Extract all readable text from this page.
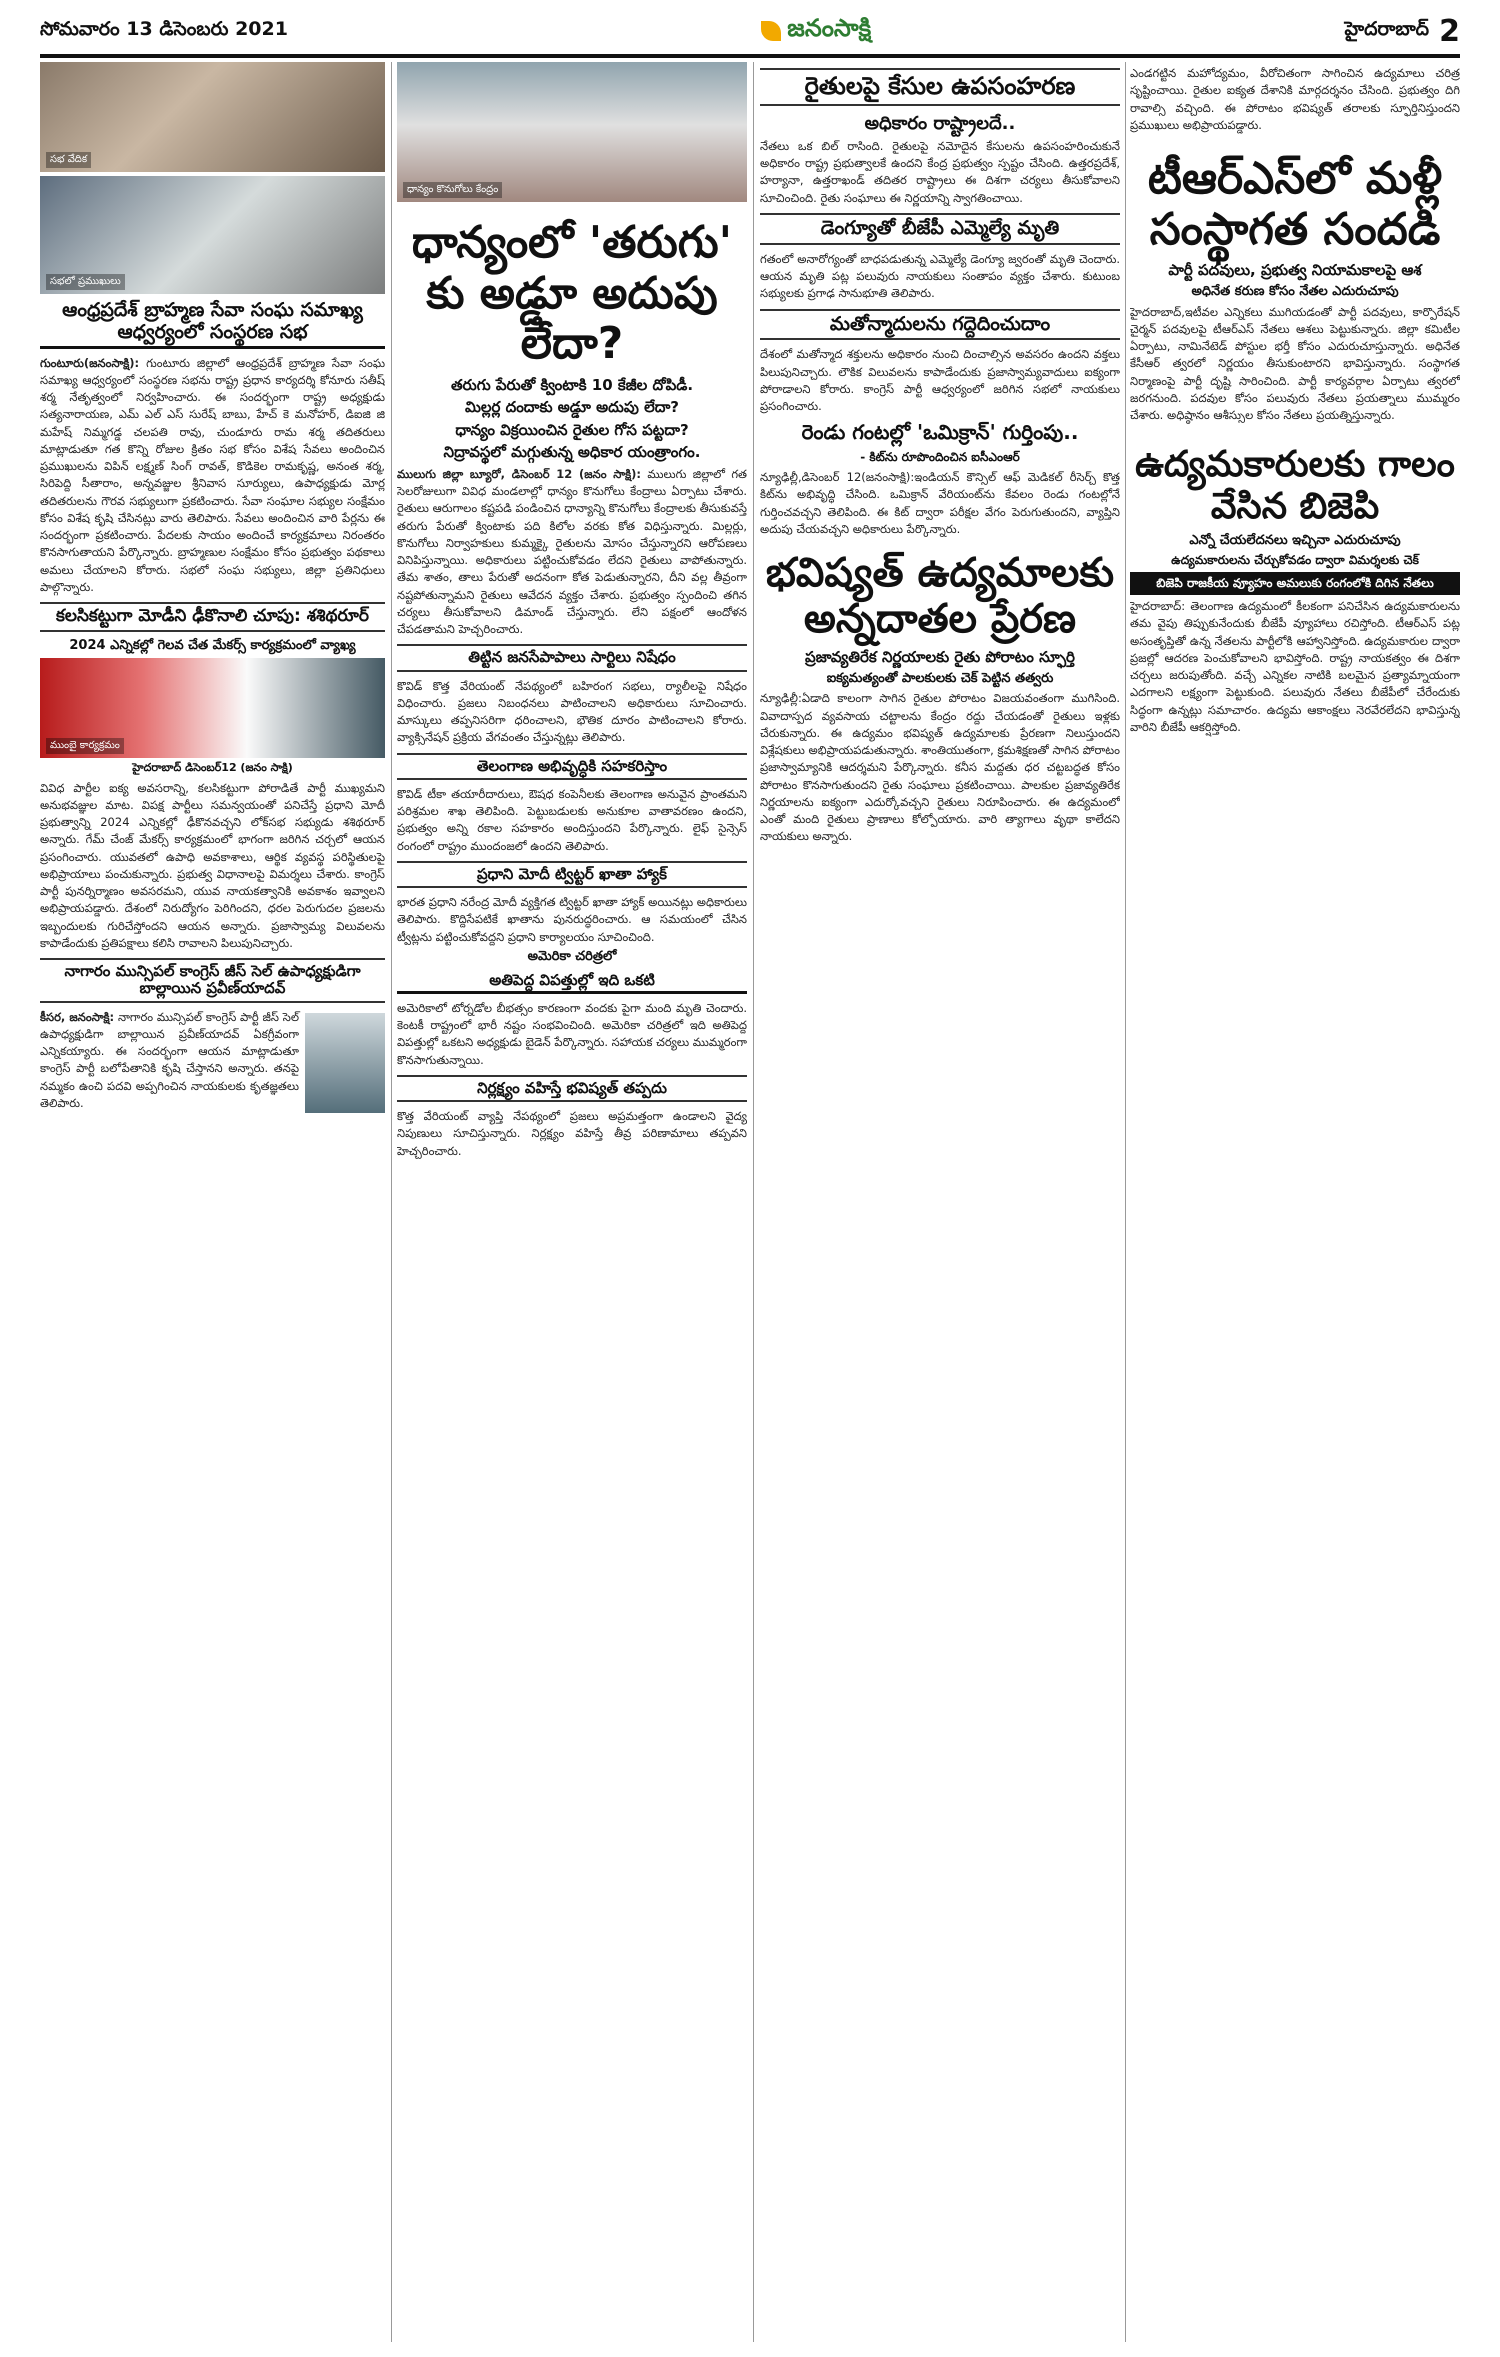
సోమవారం 13 డిసెంబరు 2021	జనంసాక్షి	హైదరాబాద్ 2
సభ వేదిక
సభలో ప్రముఖులు
ఆంధ్రప్రదేశ్ బ్రాహ్మణ సేవా సంఘ సమాఖ్య ఆధ్వర్యంలో సంస్థరణ సభ

గుంటూరు(జనంసాక్షి): గుంటూరు జిల్లాలో ఆంధ్రప్రదేశ్ బ్రాహ్మణ సేవా సంఘ సమాఖ్య ఆధ్వర్యంలో సంస్థరణ సభను రాష్ట్ర ప్రధాన కార్యదర్శి కోనూరు సతీష్ శర్మ నేతృత్వంలో నిర్వహించారు. ఈ సందర్భంగా రాష్ట్ర అధ్యక్షుడు సత్యనారాయణ, ఎమ్ ఎల్ ఎస్ సురేష్ బాబు, హేచ్ కె మనోహర్, డిఐజి జి మహేష్ నిమ్మగడ్డ చలపతి రావు, చుండూరు రామ శర్మ తదితరులు మాట్లాడుతూ గత కొన్ని రోజుల క్రితం సభ కోసం విశేష సేవలు అందించిన ప్రముఖులను విపిన్ లక్ష్మణ్ సింగ్ రావత్, కొడికెల రామకృష్ణ, అనంత శర్మ, సిరిపెద్ది సీతారాం, అన్నవజ్జుల శ్రీనివాస సూర్యులు, ఉపాధ్యక్షుడు మోర్ల తదితరులను గౌరవ సభ్యులుగా ప్రకటించారు. సేవా సంఘాల సభ్యుల సంక్షేమం కోసం విశేష కృషి చేసినట్లు వారు తెలిపారు. సేవలు అందించిన వారి పేర్లను ఈ సందర్భంగా ప్రకటించారు. పేదలకు సాయం అందించే కార్యక్రమాలు నిరంతరం కొనసాగుతాయని పేర్కొన్నారు. బ్రాహ్మణుల సంక్షేమం కోసం ప్రభుత్వం పథకాలు అమలు చేయాలని కోరారు. సభలో సంఘ సభ్యులు, జిల్లా ప్రతినిధులు పాల్గొన్నారు.

కలసికట్టుగా మోడీని ఢీకొనాలి చూపు: శశిథరూర్
2024 ఎన్నికల్లో గెలవ చేత మేకర్స్ కార్యక్రమంలో వ్యాఖ్య
ముంబై కార్యక్రమం
హైదరాబాద్ డిసెంబర్12 (జనం సాక్షి)

వివిధ పార్టీల ఐక్య అవసరాన్ని, కలసికట్టుగా పోరాడితే పార్టీ ముఖ్యమని అనుభవజ్ఞుల మాట. విపక్ష పార్టీలు సమన్వయంతో పనిచేస్తే ప్రధాని మోదీ ప్రభుత్వాన్ని 2024 ఎన్నికల్లో ఢీకొనవచ్చని లోక్‌సభ సభ్యుడు శశిథరూర్ అన్నారు. గేమ్ చేంజ్ మేకర్స్ కార్యక్రమంలో భాగంగా జరిగిన చర్చలో ఆయన ప్రసంగించారు. యువతలో ఉపాధి అవకాశాలు, ఆర్థిక వ్యవస్థ పరిస్థితులపై అభిప్రాయాలు పంచుకున్నారు. ప్రభుత్వ విధానాలపై విమర్శలు చేశారు. కాంగ్రెస్ పార్టీ పునర్నిర్మాణం అవసరమని, యువ నాయకత్వానికి అవకాశం ఇవ్వాలని అభిప్రాయపడ్డారు. దేశంలో నిరుద్యోగం పెరిగిందని, ధరల పెరుగుదల ప్రజలను ఇబ్బందులకు గురిచేస్తోందని ఆయన అన్నారు. ప్రజాస్వామ్య విలువలను కాపాడేందుకు ప్రతిపక్షాలు కలిసి రావాలని పిలుపునిచ్చారు.

నాగారం మున్సిపల్ కాంగ్రెస్ జీస్ సెల్ ఉపాధ్యక్షుడిగా బాల్లాయిన ప్రవీణ్‌యాదవ్

కీసర, జనంసాక్షి: నాగారం మున్సిపల్ కాంగ్రెస్ పార్టీ జీస్ సెల్ ఉపాధ్యక్షుడిగా బాల్లాయిన ప్రవీణ్‌యాదవ్ ఏకగ్రీవంగా ఎన్నికయ్యారు. ఈ సందర్భంగా ఆయన మాట్లాడుతూ కాంగ్రెస్ పార్టీ బలోపేతానికి కృషి చేస్తానని అన్నారు. తనపై నమ్మకం ఉంచి పదవి అప్పగించిన నాయకులకు కృతజ్ఞతలు తెలిపారు.

ధాన్యం కొనుగోలు కేంద్రం
ధాన్యంలో 'తరుగు' కు అడ్డూ అదుపు లేదా?
తరుగు పేరుతో క్వింటాకి 10 కేజీల దోపిడీ.
మిల్లర్ల దందాకు అడ్డూ అదుపు లేదా?
ధాన్యం విక్రయించిన రైతుల గోస పట్టదా?
నిద్రావస్థలో మగ్గుతున్న అధికార యంత్రాంగం.

ములుగు జిల్లా బ్యూరో, డిసెంబర్ 12 (జనం సాక్షి): ములుగు జిల్లాలో గత సెలరోజులుగా వివిధ మండలాల్లో ధాన్యం కొనుగోలు కేంద్రాలు ఏర్పాటు చేశారు. రైతులు ఆరుగాలం కష్టపడి పండించిన ధాన్యాన్ని కొనుగోలు కేంద్రాలకు తీసుకువస్తే తరుగు పేరుతో క్వింటాకు పది కిలోల వరకు కోత విధిస్తున్నారు. మిల్లర్లు, కొనుగోలు నిర్వాహకులు కుమ్మక్కై రైతులను మోసం చేస్తున్నారని ఆరోపణలు వినిపిస్తున్నాయి. అధికారులు పట్టించుకోవడం లేదని రైతులు వాపోతున్నారు. తేమ శాతం, తాలు పేరుతో అదనంగా కోత పెడుతున్నారని, దీని వల్ల తీవ్రంగా నష్టపోతున్నామని రైతులు ఆవేదన వ్యక్తం చేశారు. ప్రభుత్వం స్పందించి తగిన చర్యలు తీసుకోవాలని డిమాండ్ చేస్తున్నారు. లేని పక్షంలో ఆందోళన చేపడతామని హెచ్చరించారు.

తిట్టిన జనసేపాపాలు సార్టిలు నిషేధం

కొవిడ్ కొత్త వేరియంట్ నేపథ్యంలో బహిరంగ సభలు, ర్యాలీలపై నిషేధం విధించారు. ప్రజలు నిబంధనలు పాటించాలని అధికారులు సూచించారు. మాస్కులు తప్పనిసరిగా ధరించాలని, భౌతిక దూరం పాటించాలని కోరారు. వ్యాక్సినేషన్ ప్రక్రియ వేగవంతం చేస్తున్నట్లు తెలిపారు.

తెలంగాణ అభివృద్ధికి సహకరిస్తాం

కొవిడ్ టీకా తయారీదారులు, ఔషధ కంపెనీలకు తెలంగాణ అనువైన ప్రాంతమని పరిశ్రమల శాఖ తెలిపింది. పెట్టుబడులకు అనుకూల వాతావరణం ఉందని, ప్రభుత్వం అన్ని రకాల సహకారం అందిస్తుందని పేర్కొన్నారు. లైఫ్ సైన్సెస్ రంగంలో రాష్ట్రం ముందంజలో ఉందని తెలిపారు.

ప్రధాని మోదీ ట్విట్టర్ ఖాతా హ్యాక్

భారత ప్రధాని నరేంద్ర మోదీ వ్యక్తిగత ట్విట్టర్ ఖాతా హ్యాక్ అయినట్లు అధికారులు తెలిపారు. కొద్దిసేపటికే ఖాతాను పునరుద్ధరించారు. ఆ సమయంలో చేసిన ట్వీట్లను పట్టించుకోవద్దని ప్రధాని కార్యాలయం సూచించింది.

అమెరికా చరిత్రలో
అతిపెద్ద విపత్తుల్లో ఇది ఒకటి

అమెరికాలో టోర్నడోల బీభత్సం కారణంగా వందకు పైగా మంది మృతి చెందారు. కెంటకీ రాష్ట్రంలో భారీ నష్టం సంభవించింది. అమెరికా చరిత్రలో ఇది అతిపెద్ద విపత్తుల్లో ఒకటని అధ్యక్షుడు బైడెన్ పేర్కొన్నారు. సహాయక చర్యలు ముమ్మరంగా కొనసాగుతున్నాయి.

నిర్లక్ష్యం వహిస్తే భవిష్యత్ తప్పదు

కొత్త వేరియంట్ వ్యాప్తి నేపథ్యంలో ప్రజలు అప్రమత్తంగా ఉండాలని వైద్య నిపుణులు సూచిస్తున్నారు. నిర్లక్ష్యం వహిస్తే తీవ్ర పరిణామాలు తప్పవని హెచ్చరించారు.

రైతులపై కేసుల ఉపసంహరణ
అధికారం రాష్ట్రాలదే..

నేతలు ఒక బిల్ రాసింది. రైతులపై నమోదైన కేసులను ఉపసంహరించుకునే అధికారం రాష్ట్ర ప్రభుత్వాలకే ఉందని కేంద్ర ప్రభుత్వం స్పష్టం చేసింది. ఉత్తరప్రదేశ్, హర్యానా, ఉత్తరాఖండ్ తదితర రాష్ట్రాలు ఈ దిశగా చర్యలు తీసుకోవాలని సూచించింది. రైతు సంఘాలు ఈ నిర్ణయాన్ని స్వాగతించాయి.

డెంగ్యూతో బీజేపీ ఎమ్మెల్యే మృతి

గతంలో అనారోగ్యంతో బాధపడుతున్న ఎమ్మెల్యే డెంగ్యూ జ్వరంతో మృతి చెందారు. ఆయన మృతి పట్ల పలువురు నాయకులు సంతాపం వ్యక్తం చేశారు. కుటుంబ సభ్యులకు ప్రగాఢ సానుభూతి తెలిపారు.

మతోన్మాదులను గద్దెదించుదాం

దేశంలో మతోన్మాద శక్తులను అధికారం నుంచి దించాల్సిన అవసరం ఉందని వక్తలు పిలుపునిచ్చారు. లౌకిక విలువలను కాపాడేందుకు ప్రజాస్వామ్యవాదులు ఐక్యంగా పోరాడాలని కోరారు. కాంగ్రెస్ పార్టీ ఆధ్వర్యంలో జరిగిన సభలో నాయకులు ప్రసంగించారు.

రెండు గంటల్లో 'ఒమిక్రాన్' గుర్తింపు..
- కిట్‌ను రూపొందించిన ఐసీఎంఆర్

న్యూఢిల్లీ,డిసెంబర్ 12(జనంసాక్షి):ఇండియన్ కౌన్సిల్ ఆఫ్ మెడికల్ రీసెర్చ్ కొత్త కిట్‌ను అభివృద్ధి చేసింది. ఒమిక్రాన్ వేరియంట్‌ను కేవలం రెండు గంటల్లోనే గుర్తించవచ్చని తెలిపింది. ఈ కిట్ ద్వారా పరీక్షల వేగం పెరుగుతుందని, వ్యాప్తిని అదుపు చేయవచ్చని అధికారులు పేర్కొన్నారు.

భవిష్యత్ ఉద్యమాలకు అన్నదాతల ప్రేరణ
ప్రజావ్యతిరేక నిర్ణయాలకు రైతు పోరాటం స్ఫూర్తి
ఐక్యమత్యంతో పాలకులకు చెక్ పెట్టిన తత్వరు

న్యూఢిల్లీ:ఏడాది కాలంగా సాగిన రైతుల పోరాటం విజయవంతంగా ముగిసింది. వివాదాస్పద వ్యవసాయ చట్టాలను కేంద్రం రద్దు చేయడంతో రైతులు ఇళ్లకు చేరుకున్నారు. ఈ ఉద్యమం భవిష్యత్ ఉద్యమాలకు ప్రేరణగా నిలుస్తుందని విశ్లేషకులు అభిప్రాయపడుతున్నారు. శాంతియుతంగా, క్రమశిక్షణతో సాగిన పోరాటం ప్రజాస్వామ్యానికి ఆదర్శమని పేర్కొన్నారు. కనీస మద్దతు ధర చట్టబద్ధత కోసం పోరాటం కొనసాగుతుందని రైతు సంఘాలు ప్రకటించాయి. పాలకుల ప్రజావ్యతిరేక నిర్ణయాలను ఐక్యంగా ఎదుర్కోవచ్చని రైతులు నిరూపించారు. ఈ ఉద్యమంలో ఎంతో మంది రైతులు ప్రాణాలు కోల్పోయారు. వారి త్యాగాలు వృథా కాలేదని నాయకులు అన్నారు.

ఎండగట్టిన మహోద్యమం, వీరోచితంగా సాగించిన ఉద్యమాలు చరిత్ర సృష్టించాయి. రైతుల ఐక్యత దేశానికి మార్గదర్శనం చేసింది. ప్రభుత్వం దిగి రావాల్సి వచ్చింది. ఈ పోరాటం భవిష్యత్ తరాలకు స్ఫూర్తినిస్తుందని ప్రముఖులు అభిప్రాయపడ్డారు.

టీఆర్ఎస్‌లో మళ్లీ సంస్థాగత సందడి
పార్టీ పదవులు, ప్రభుత్వ నియామకాలపై ఆశ
అధినేత కరుణ కోసం నేతల ఎదురుచూపు

హైదరాబాద్,ఇటీవల ఎన్నికలు ముగియడంతో పార్టీ పదవులు, కార్పొరేషన్ చైర్మన్ పదవులపై టీఆర్ఎస్ నేతలు ఆశలు పెట్టుకున్నారు. జిల్లా కమిటీల ఏర్పాటు, నామినేటెడ్ పోస్టుల భర్తీ కోసం ఎదురుచూస్తున్నారు. అధినేత కేసీఆర్ త్వరలో నిర్ణయం తీసుకుంటారని భావిస్తున్నారు. సంస్థాగత నిర్మాణంపై పార్టీ దృష్టి సారించింది. పార్టీ కార్యవర్గాల ఏర్పాటు త్వరలో జరగనుంది. పదవుల కోసం పలువురు నేతలు ప్రయత్నాలు ముమ్మరం చేశారు. అధిష్ఠానం ఆశీస్సుల కోసం నేతలు ప్రయత్నిస్తున్నారు.

ఉద్యమకారులకు గాలం వేసిన బిజెపి
ఎన్నో చేయలేదనలు ఇచ్చినా ఎదురుచూపు
ఉద్యమకారులను చేర్చుకోవడం ద్వారా విమర్శలకు చెక్
బిజెపి రాజకీయ వ్యూహం అమలుకు రంగంలోకి దిగిన నేతలు

హైదరాబాద్: తెలంగాణ ఉద్యమంలో కీలకంగా పనిచేసిన ఉద్యమకారులను తమ వైపు తిప్పుకునేందుకు బీజేపీ వ్యూహాలు రచిస్తోంది. టీఆర్ఎస్ పట్ల అసంతృప్తితో ఉన్న నేతలను పార్టీలోకి ఆహ్వానిస్తోంది. ఉద్యమకారుల ద్వారా ప్రజల్లో ఆదరణ పెంచుకోవాలని భావిస్తోంది. రాష్ట్ర నాయకత్వం ఈ దిశగా చర్చలు జరుపుతోంది. వచ్చే ఎన్నికల నాటికి బలమైన ప్రత్యామ్నాయంగా ఎదగాలని లక్ష్యంగా పెట్టుకుంది. పలువురు నేతలు బీజేపీలో చేరేందుకు సిద్ధంగా ఉన్నట్లు సమాచారం. ఉద్యమ ఆకాంక్షలు నెరవేరలేదని భావిస్తున్న వారిని బీజేపీ ఆకర్షిస్తోంది.
